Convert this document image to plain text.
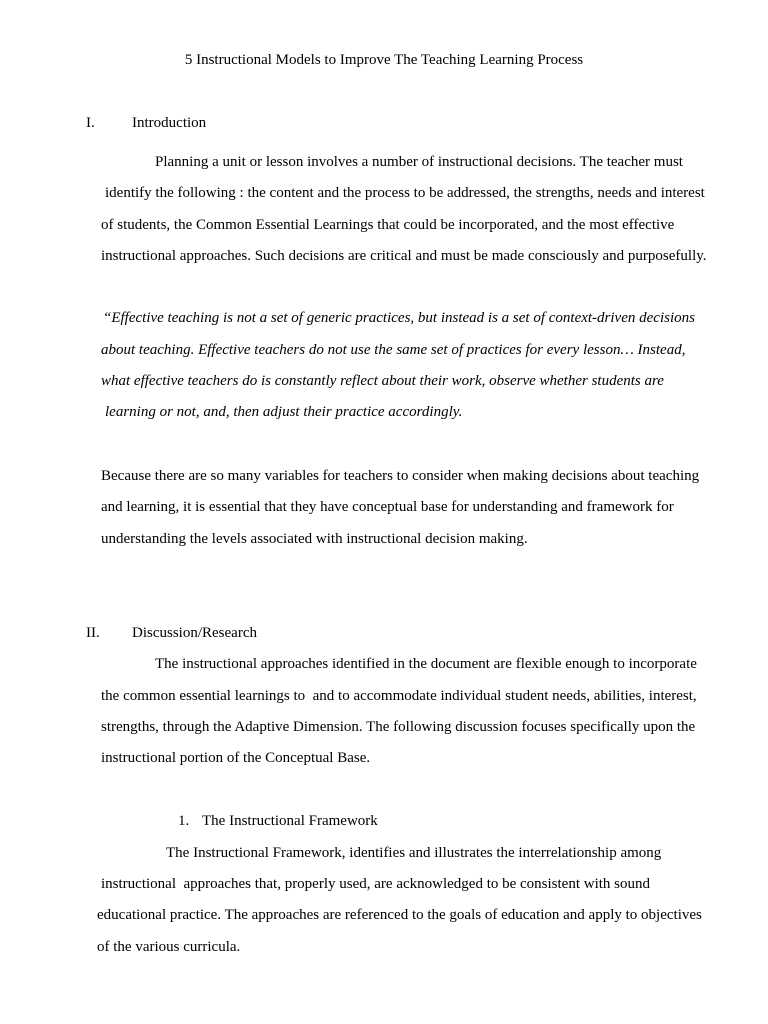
5 Instructional Models to Improve The Teaching Learning Process
I. Introduction
Planning a unit or lesson involves a number of instructional decisions. The teacher must
identify the following : the content and the process to be addressed, the strengths, needs and interest
of students, the Common Essential Learnings that could be incorporated, and the most effective
instructional approaches. Such decisions are critical and must be made consciously and purposefully.
“Effective teaching is not a set of generic practices, but instead is a set of context-driven decisions
about teaching. Effective teachers do not use the same set of practices for every lesson… Instead,
what effective teachers do is constantly reflect about their work, observe whether students are
learning or not, and, then adjust their practice accordingly.
Because there are so many variables for teachers to consider when making decisions about teaching
and learning, it is essential that they have conceptual base for understanding and framework for
understanding the levels associated with instructional decision making.
II. Discussion/Research
The instructional approaches identified in the document are flexible enough to incorporate
the common essential learnings to  and to accommodate individual student needs, abilities, interest,
strengths, through the Adaptive Dimension. The following discussion focuses specifically upon the
instructional portion of the Conceptual Base.
1. The Instructional Framework
The Instructional Framework, identifies and illustrates the interrelationship among
instructional  approaches that, properly used, are acknowledged to be consistent with sound
educational practice. The approaches are referenced to the goals of education and apply to objectives
of the various curricula.
